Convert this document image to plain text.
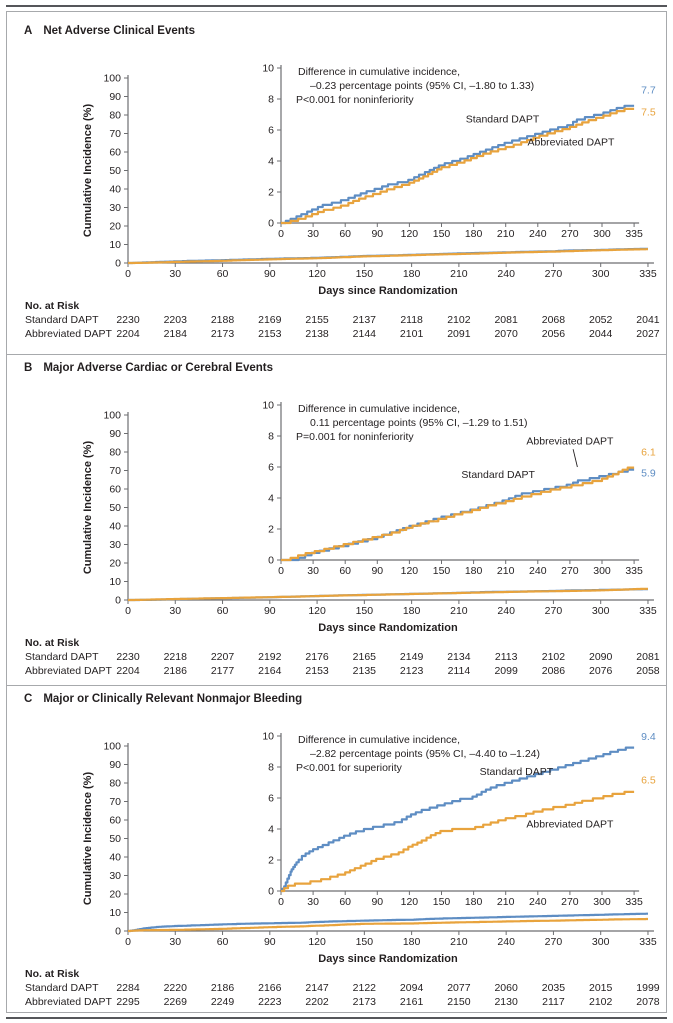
A Net Adverse Clinical Events
0	30	60	90	120	150	180	210	240	270	300	335
0
10
20
30
40
50
60
70
80
90
100
Cumulative Incidence (%)
Days since Randomization
0 30 60 90 120 150 180 210 240 270 300 335
0
2
4
6
8
10 Difference in cumulative incidence,
–0.23 percentage points (95% CI, –1.80 to 1.33)
P<0.001 for noninferiority
Standard DAPT
Abbreviated DAPT
7.7
7.5
No. at Risk
Standard DAPT	2230	2203	2188	2169	2155	2137	2118	2102	2081	2068	2052	2041
Abbreviated DAPT 2204	2184	2173	2153	2138	2144	2101	2091	2070	2056	2044	2027
B Major Adverse Cardiac or Cerebral Events
0	30	60	90	120	150	180	210	240	270	300	335
0
10
20
30
40
50
60
70
80
90
100
Cumulative Incidence (%)
Days since Randomization
0 30 60 90 120 150 180 210 240 270 300 335
0
2
4
6
8
10 Difference in cumulative incidence,
0.11 percentage points (95% CI, –1.29 to 1.51)
P=0.001 for noninferiority
Standard DAPT
Abbreviated DAPT
6.1
5.9
No. at Risk
Standard DAPT	2230	2218	2207	2192	2176	2165	2149	2134	2113	2102	2090	2081
Abbreviated DAPT 2204	2186	2177	2164	2153	2135	2123	2114	2099	2086	2076	2058
C Major or Clinically Relevant Nonmajor Bleeding
0	30	60	90	120	150	180	210	240	270	300	335
0
10
20
30
40
50
60
70
80
90
100
Cumulative Incidence (%)
Days since Randomization
0 30 60 90 120 150 180 210 240 270 300 335
0
2
4
6
8
10 Difference in cumulative incidence,
–2.82 percentage points (95% CI, –4.40 to –1.24)
P<0.001 for superiority	Standard DAPT
Abbreviated DAPT
9.4
6.5
No. at Risk
Standard DAPT	2284	2220	2186	2166	2147	2122	2094	2077	2060	2035	2015	1999
Abbreviated DAPT 2295	2269	2249	2223	2202	2173	2161	2150	2130	2117	2102	2078
